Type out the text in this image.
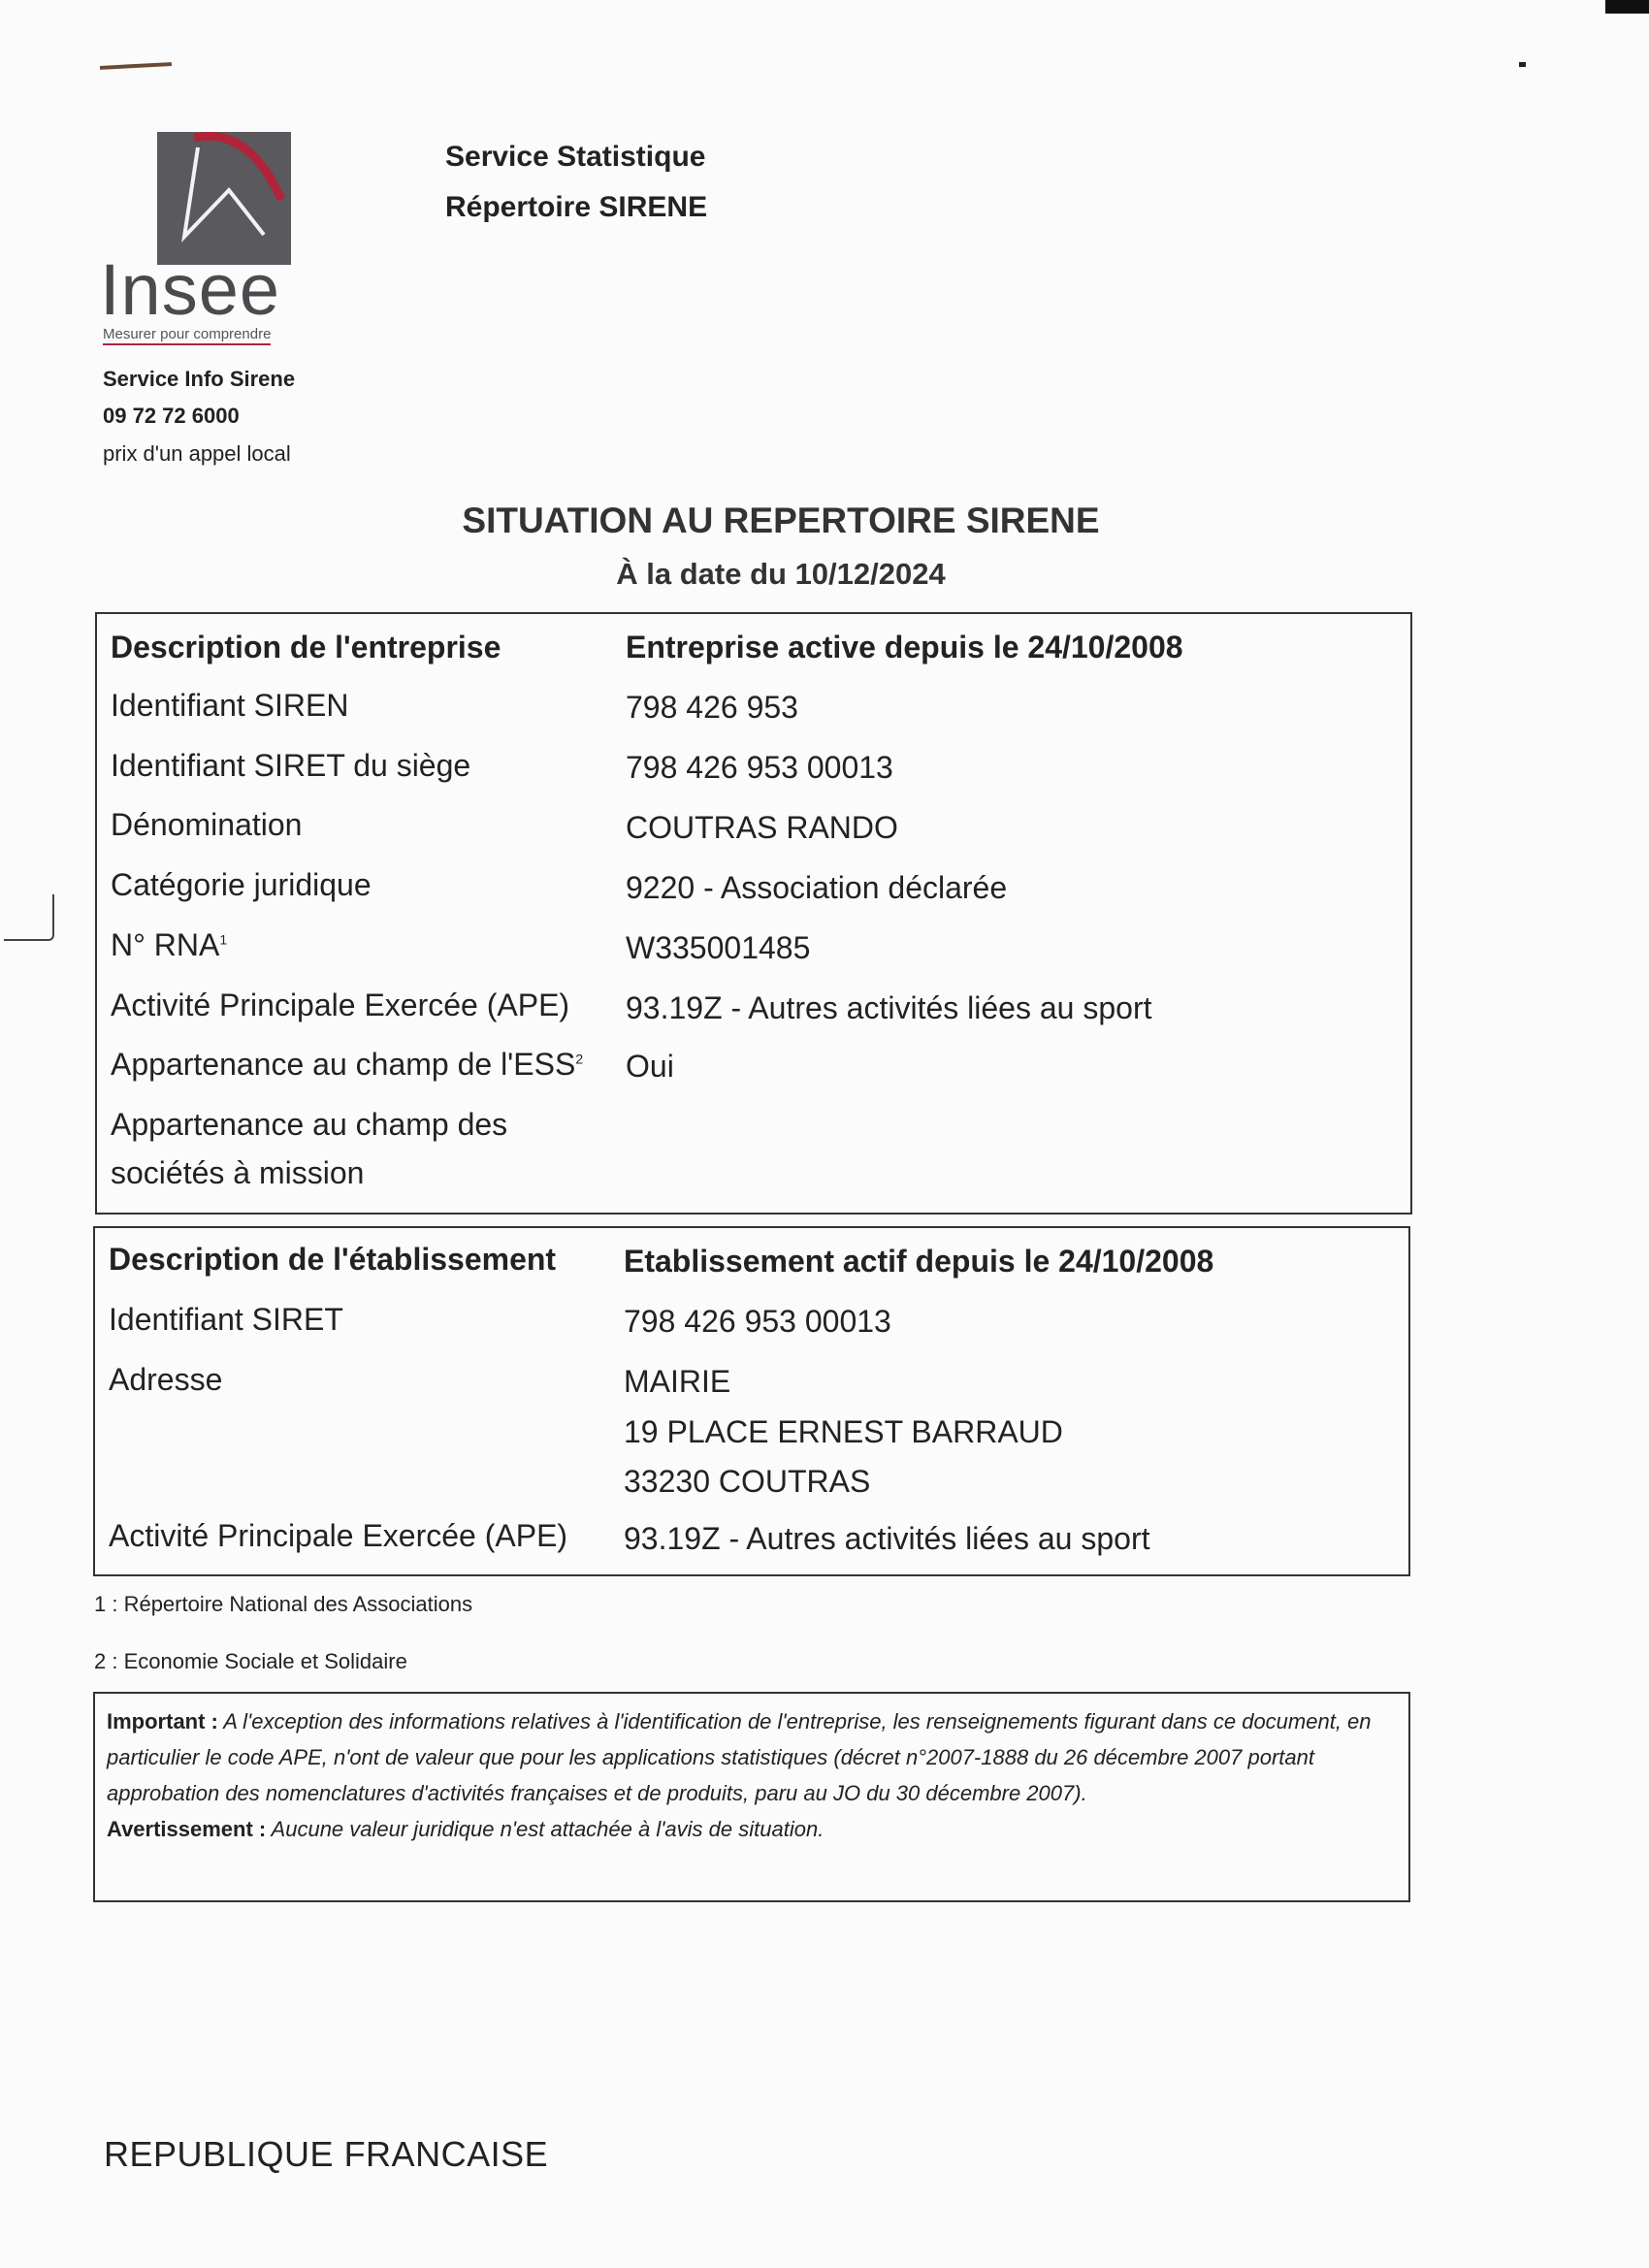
Insee
Mesurer pour comprendre
Service Statistique
Répertoire SIRENE
Service Info Sirene
09 72 72 6000
prix d'un appel local
SITUATION AU REPERTOIRE SIRENE
À la date du 10/12/2024
Description de l'entreprise	Entreprise active depuis le 24/10/2008
Identifiant SIREN	798 426 953
Identifiant SIRET du siège	798 426 953 00013
Dénomination	COUTRAS RANDO
Catégorie juridique	9220 - Association déclarée
N° RNA$^1$	W335001485
Activité Principale Exercée (APE) 93.19Z - Autres activités liées au sport
Appartenance au champ de l'ESS$^2$ Oui
Appartenance au champ des
sociétés à mission
Description de l'établissement Etablissement actif depuis le 24/10/2008
Identifiant SIRET	798 426 953 00013
Adresse	MAIRIE
19 PLACE ERNEST BARRAUD
33230 COUTRAS
Activité Principale Exercée (APE) 93.19Z - Autres activités liées au sport
1 : Répertoire National des Associations
2 : Economie Sociale et Solidaire
Important : A l'exception des informations relatives à l'identification de l'entreprise, les renseignements figurant dans ce document, en particulier le code APE, n'ont de valeur que pour les applications statistiques (décret n°2007-1888 du 26 décembre 2007 portant approbation des nomenclatures d'activités françaises et de produits, paru au JO du 30 décembre 2007).
Avertissement : Aucune valeur juridique n'est attachée à l'avis de situation.
REPUBLIQUE FRANCAISE
